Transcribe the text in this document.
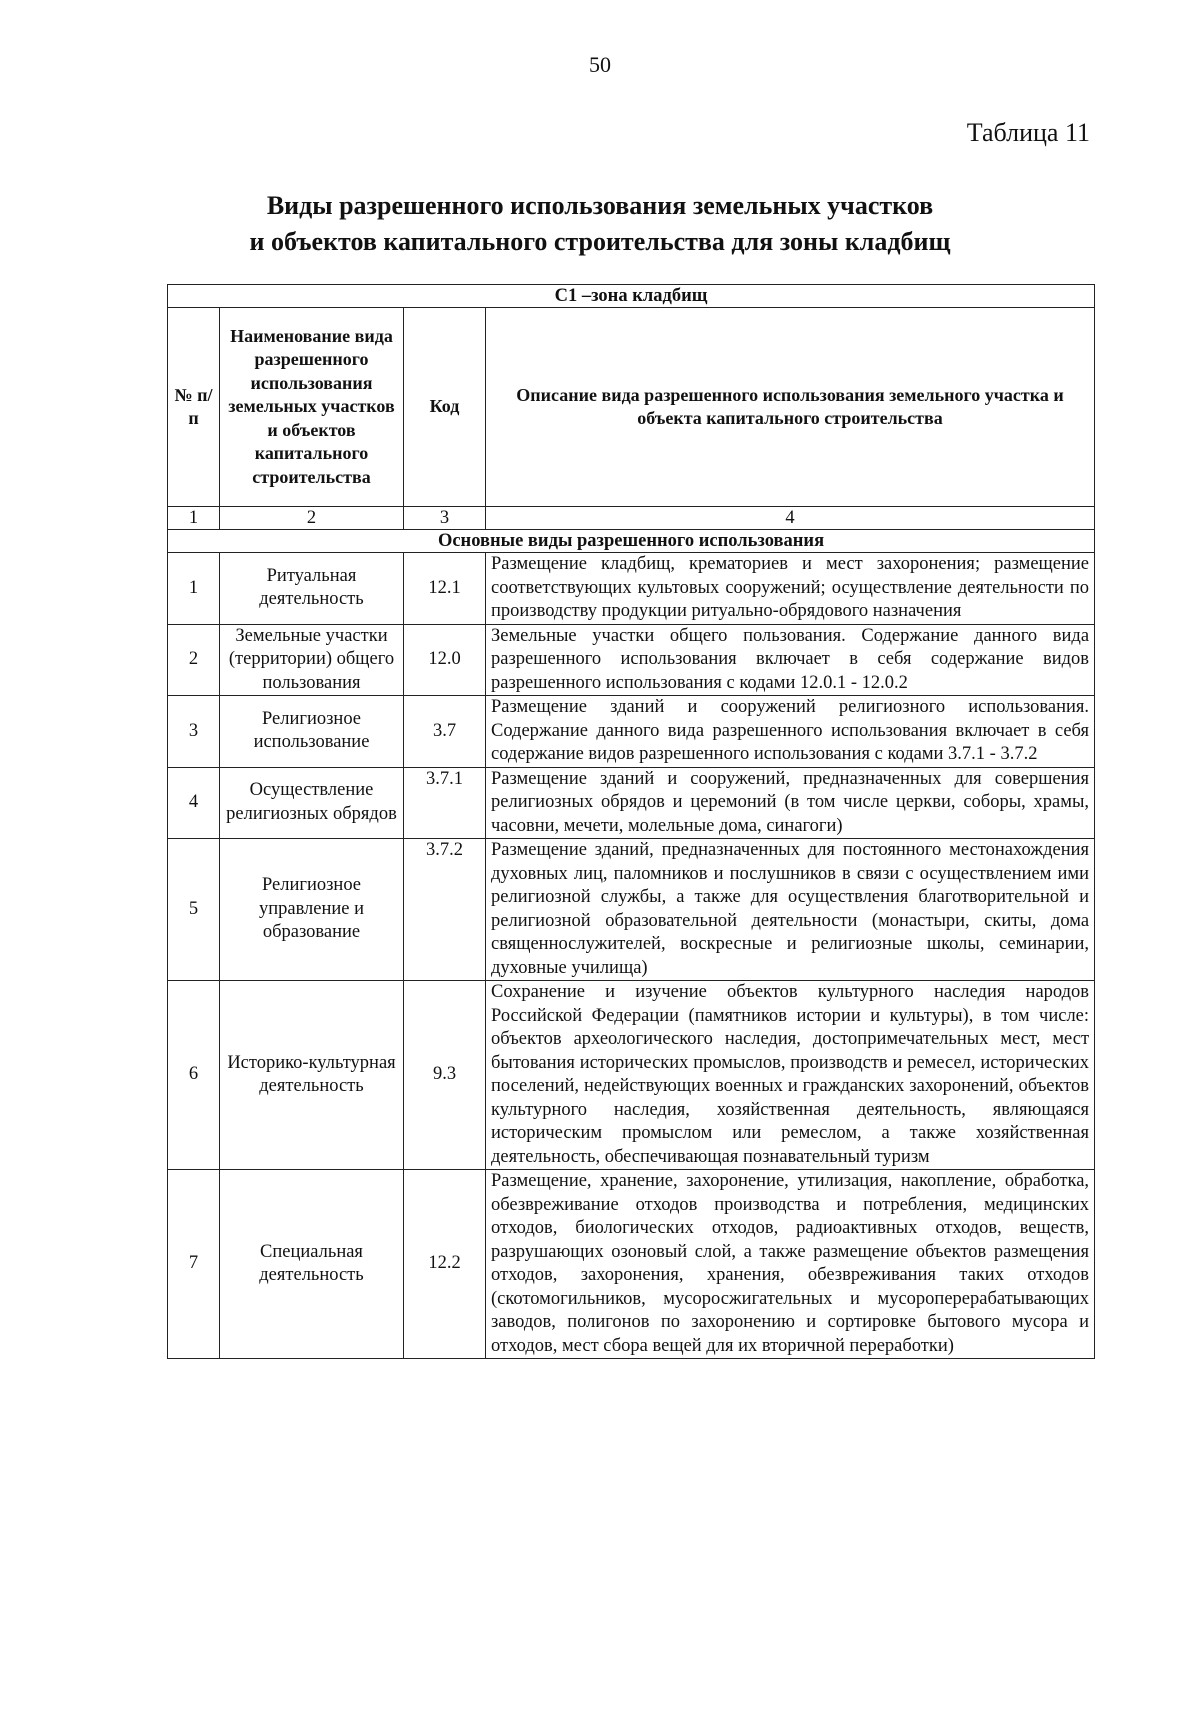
50
Таблица 11
Виды разрешенного использования земельных участков
и объектов капитального строительства для зоны кладбищ
С1 –зона кладбищ			
№ п/п	Наименование вида разрешенного использования земельных участков и объектов капитального строительства	Код	Описание вида разрешенного использования земельного участка и объекта капитального строительства
1	2	3	4
Основные виды разрешенного использования			
1	Ритуальная деятельность	12.1	Размещение кладбищ, крематориев и мест захоронения; размещение соответствующих культовых сооружений; осуществление деятельности по производству продукции ритуально-обрядового назначения
2	Земельные участки (территории) общего пользования	12.0	Земельные участки общего пользования. Содержание данного вида разрешенного использования включает в себя содержание видов разрешенного использования с кодами 12.0.1 - 12.0.2
3	Религиозное использование	3.7	Размещение зданий и сооружений религиозного использования. Содержание данного вида разрешенного использования включает в себя содержание видов разрешенного использования с кодами 3.7.1 - 3.7.2
4	Осуществление религиозных обрядов	3.7.1	Размещение зданий и сооружений, предназначенных для совершения религиозных обрядов и церемоний (в том числе церкви, соборы, храмы, часовни, мечети, молельные дома, синагоги)
5	Религиозное управление и образование	3.7.2	Размещение зданий, предназначенных для постоянного местонахождения духовных лиц, паломников и послушников в связи с осуществлением ими религиозной службы, а также для осуществления благотворительной и религиозной образовательной деятельности (монастыри, скиты, дома священнослужителей, воскресные и религиозные школы, семинарии, духовные училища)
6	Историко-культурная деятельность	9.3	Сохранение и изучение объектов культурного наследия народов Российской Федерации (памятников истории и культуры), в том числе: объектов археологического наследия, достопримечательных мест, мест бытования исторических промыслов, производств и ремесел, исторических поселений, недействующих военных и гражданских захоронений, объектов культурного наследия, хозяйственная деятельность, являющаяся историческим промыслом или ремеслом, а также хозяйственная деятельность, обеспечивающая познавательный туризм
7	Специальная деятельность	12.2	Размещение, хранение, захоронение, утилизация, накопление, обработка, обезвреживание отходов производства и потребления, медицинских отходов, биологических отходов, радиоактивных отходов, веществ, разрушающих озоновый слой, а также размещение объектов размещения отходов, захоронения, хранения, обезвреживания таких отходов (скотомогильников, мусоросжигательных и мусороперерабатывающих заводов, полигонов по захоронению и сортировке бытового мусора и отходов, мест сбора вещей для их вторичной переработки)
